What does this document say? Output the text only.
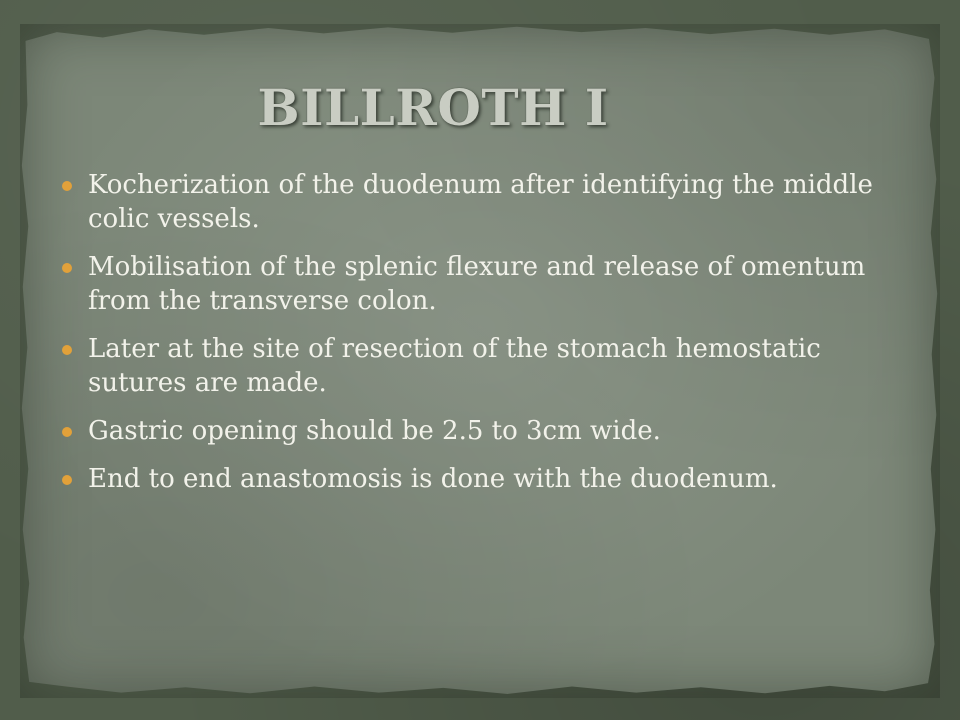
BILLROTH I
Kocherization of the duodenum after identifying the middle colic vessels.
Mobilisation of the splenic flexure and release of omentum from the transverse colon.
Later at the site of resection of the stomach hemostatic sutures are made.
Gastric opening should be 2.5 to 3cm wide.
End to end anastomosis is done with the duodenum.
